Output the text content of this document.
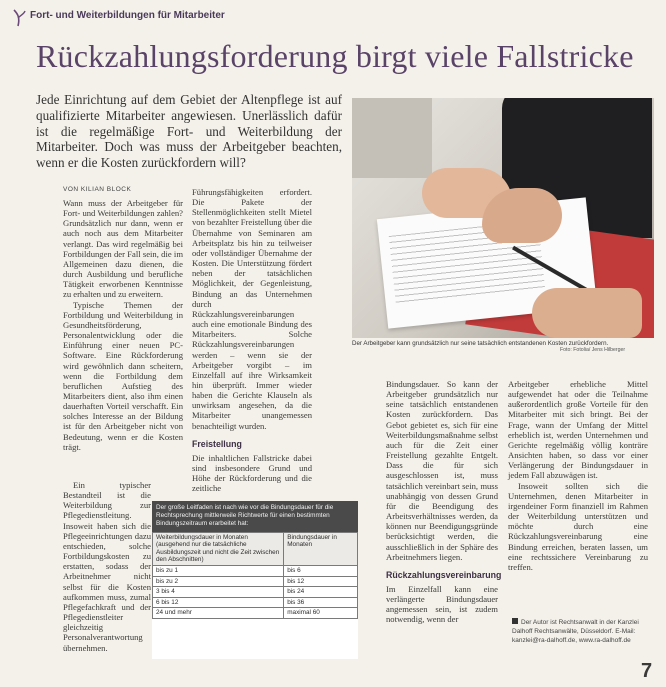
Fort- und Weiterbildungen für Mitarbeiter
Rückzahlungsforderung birgt viele Fallstricke
Jede Einrichtung auf dem Gebiet der Altenpflege ist auf qualifizierte Mitarbeiter angewiesen. Unerlässlich dafür ist die regelmäßige Fort- und Weiterbildung der Mitarbeiter. Doch was muss der Arbeitgeber beachten, wenn er die Kosten zurückfordern will?
Der Arbeitgeber kann grundsätzlich nur seine tatsächlich entstandenen Kosten zurückfordern.
Foto: Fotolia/ Jens Hilberger
VON KILIAN BLOCK

Wann muss der Arbeitgeber für Fort- und Weiterbildungen zahlen? Grundsätzlich nur dann, wenn er auch noch aus dem Mitarbeiter verlangt. Das wird regelmäßig bei Fortbildungen der Fall sein, die im Allgemeinen dazu dienen, die durch Ausbildung und berufliche Tätigkeit erworbenen Kenntnisse zu erhalten und zu erweitern.

Typische Themen der Fortbildung und Weiterbildung in Gesundheitsförderung, Personalentwicklung oder die Einführung einer neuen PC-Software. Eine Rückforderung wird gewöhnlich dann scheitern, wenn die Fortbildung dem beruflichen Aufstieg des Mitarbeiters dient, also ihm einen dauerhaften Vorteil verschafft. Ein solches Interesse an der Bildung ist für den Arbeitgeber nicht von Bedeutung, wenn er die Kosten trägt.

Ein typischer Bestandteil ist die Weiterbildung zur Pflegedienstleitung. Insoweit haben sich die Pflegeeinrichtungen dazu entschieden, solche Fortbildungskosten zu erstatten, sodass der Arbeitnehmer nicht selbst für die Kosten aufkommen muss, zumal Pflegefachkraft und der Pflegedienstleiter gleichzeitig Personalverantwortung übernehmen.

Führungsfähigkeiten erfordert. Die Pakete der Stellenmöglichkeiten stellt Mietel von bezahlter Freistellung über die Übernahme von Seminaren am Arbeitsplatz bis hin zu teilweiser oder vollständiger Übernahme der Kosten. Die Unterstützung fördert neben der tatsächlichen Möglichkeit, der Gegenleistung, Bindung an das Unternehmen durch Rückzahlungsvereinbarungen auch eine emotionale Bindung des Mitarbeiters. Solche Rückzahlungsvereinbarungen werden – wenn sie der Arbeitgeber vorgibt – im Einzelfall auf ihre Wirksamkeit hin überprüft. Immer wieder haben die Gerichte Klauseln als unwirksam angesehen, da die Mitarbeiter unangemessen benachteiligt wurden.

Freistellung

Die inhaltlichen Fallstricke dabei sind insbesondere Grund und Höhe der Rückforderung und die zeitliche

Bindungsdauer. So kann der Arbeitgeber grundsätzlich nur seine tatsächlich entstandenen Kosten zurückfordern. Das Gebot gebietet es, sich für eine Weiterbildungsmaßnahme selbst auch für die Zeit einer Freistellung gezahlte Entgelt. Dass die für sich ausgeschlossen ist, muss tatsächlich vereinbart sein, muss unabhängig von dessen Grund für die Beendigung des Arbeitsverhältnisses werden, da können nur Beendigungsgründe berücksichtigt werden, die ausschließlich in der Sphäre des Arbeitnehmers liegen.

Rückzahlungsvereinbarung

Im Einzelfall kann eine verlängerte Bindungsdauer angemessen sein, ist zudem notwendig, wenn der

Arbeitgeber erhebliche Mittel aufgewendet hat oder die Teilnahme außerordentlich große Vorteile für den Mitarbeiter mit sich bringt. Bei der Frage, wann der Umfang der Mittel erheblich ist, werden Unternehmen und Gerichte regelmäßig völlig konträre Ansichten haben, so dass vor einer Verlängerung der Bindungsdauer in jedem Fall abzuwägen ist.

Insoweit sollten sich die Unternehmen, denen Mitarbeiter in irgendeiner Form finanziell im Rahmen der Weiterbildung unterstützen und möchte durch eine Rückzahlungsvereinbarung eine Bindung erreichen, beraten lassen, um eine rechtssichere Vereinbarung zu treffen.

Der große Leitfaden ist nach wie vor die Bindungsdauer für die Rechtsprechung mittlerweile Richtwerte für einen bestimmten Bindungszeitraum erarbeitet hat:
Weiterbildungsdauer in Monaten (ausgehend nur die tatsächliche Ausbildungszeit und nicht die Zeit zwischen den Abschnitten)	Bindungsdauer in Monaten
bis zu 1	bis 6
bis zu 2	bis 12
3 bis 4	bis 24
6 bis 12	bis 36
24 und mehr	maximal 60
Der Autor ist Rechtsanwalt in der Kanzlei Dalhoff Rechtsanwälte, Düsseldorf. E-Mail: kanzlei@ra-dalhoff.de, www.ra-dalhoff.de
7
